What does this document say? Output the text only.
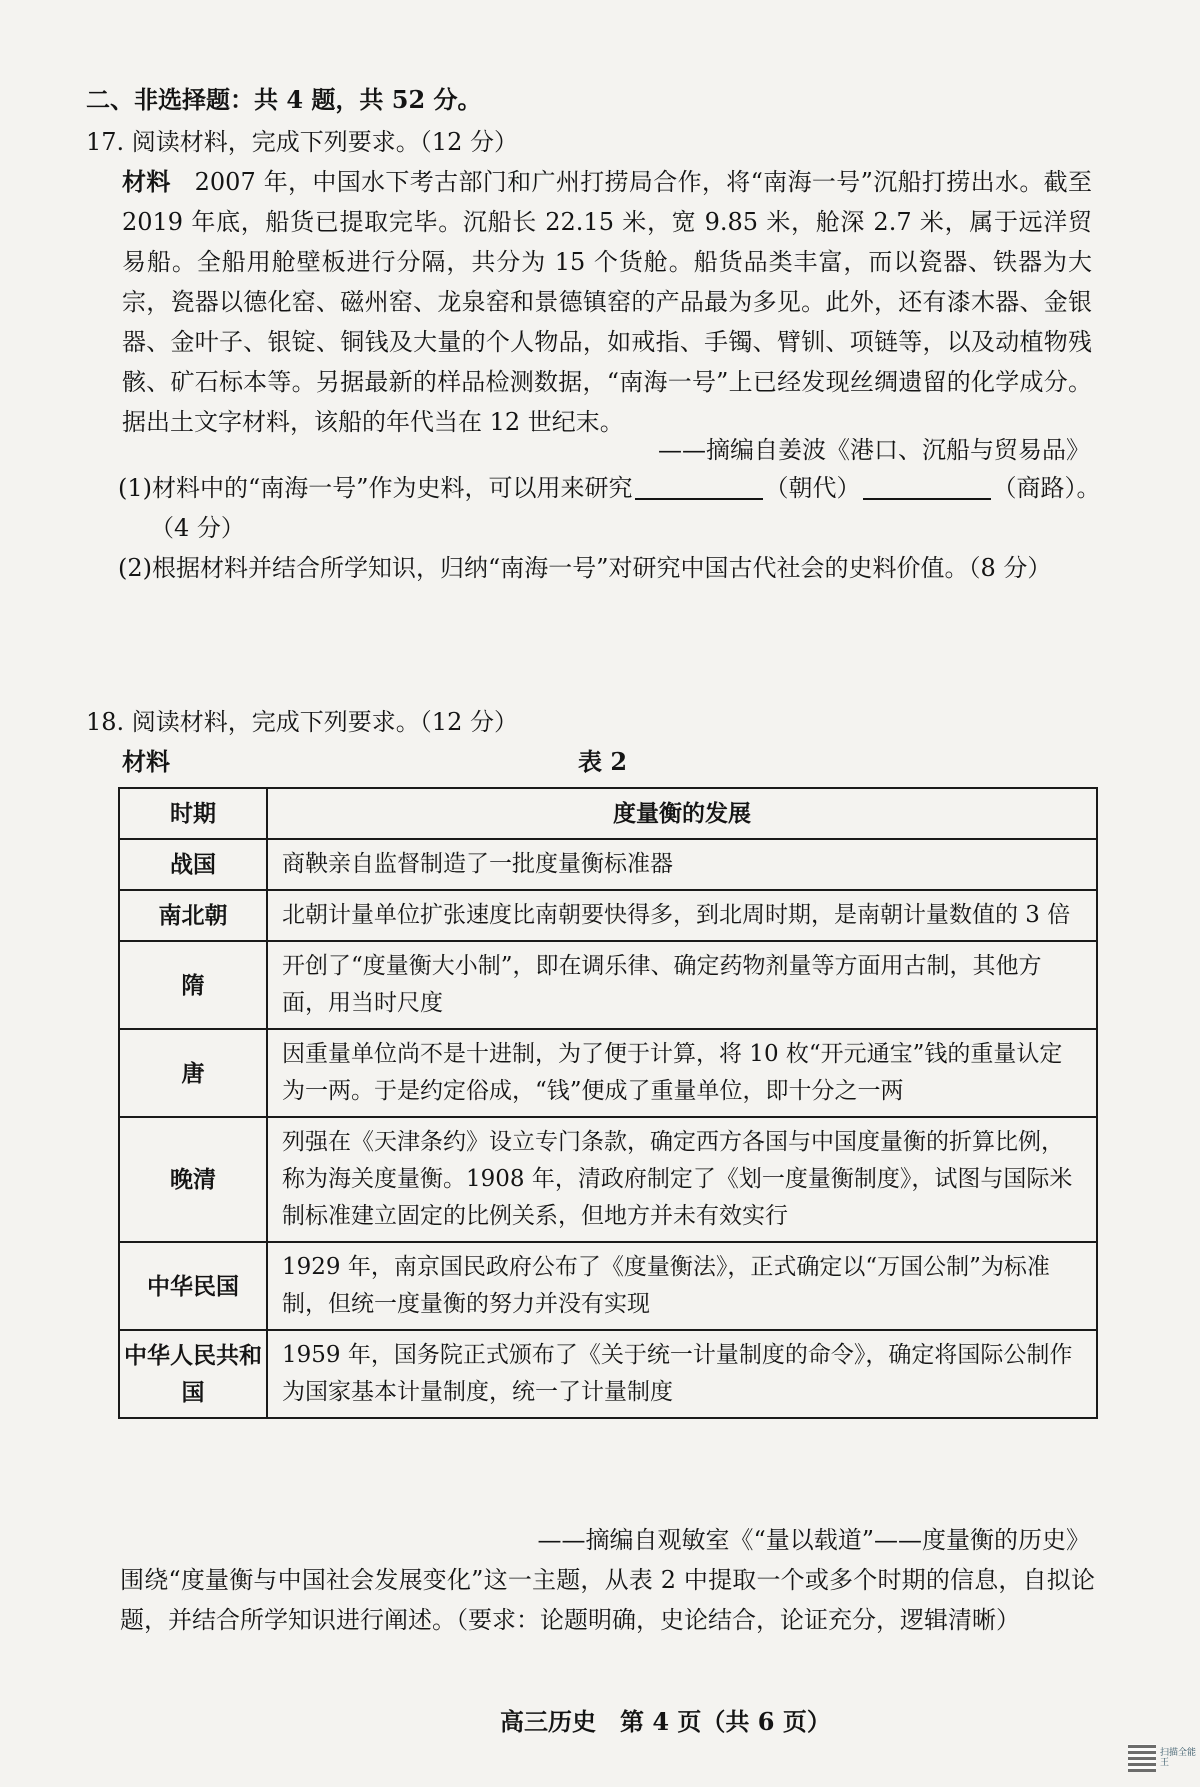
二、非选择题：共 4 题，共 52 分。
17. 阅读材料，完成下列要求。（12 分）
材料 2007 年，中国水下考古部门和广州打捞局合作，将“南海一号”沉船打捞出水。截至 2019 年底，船货已提取完毕。沉船长 22.15 米，宽 9.85 米，舱深 2.7 米，属于远洋贸易船。全船用舱壁板进行分隔，共分为 15 个货舱。船货品类丰富，而以瓷器、铁器为大宗，瓷器以德化窑、磁州窑、龙泉窑和景德镇窑的产品最为多见。此外，还有漆木器、金银器、金叶子、银锭、铜钱及大量的个人物品，如戒指、手镯、臂钏、项链等，以及动植物残骸、矿石标本等。另据最新的样品检测数据，“南海一号”上已经发现丝绸遗留的化学成分。据出土文字材料，该船的年代当在 12 世纪末。
——摘编自姜波《港口、沉船与贸易品》
(1)材料中的“南海一号”作为史料，可以用来研究	（朝代）	（商路）。
（4 分）
(2)根据材料并结合所学知识，归纳“南海一号”对研究中国古代社会的史料价值。（8 分）
18. 阅读材料，完成下列要求。（12 分）
材料	表 2
时期	度量衡的发展
战国	商鞅亲自监督制造了一批度量衡标准器
南北朝	北朝计量单位扩张速度比南朝要快得多，到北周时期，是南朝计量数值的 3 倍
隋	开创了“度量衡大小制”，即在调乐律、确定药物剂量等方面用古制，其他方面，用当时尺度
唐	因重量单位尚不是十进制，为了便于计算，将 10 枚“开元通宝”钱的重量认定为一两。于是约定俗成，“钱”便成了重量单位，即十分之一两
晚清	列强在《天津条约》设立专门条款，确定西方各国与中国度量衡的折算比例，称为海关度量衡。1908 年，清政府制定了《划一度量衡制度》，试图与国际米制标准建立固定的比例关系，但地方并未有效实行
中华民国	1929 年，南京国民政府公布了《度量衡法》，正式确定以“万国公制”为标准制，但统一度量衡的努力并没有实现
中华人民共和国	1959 年，国务院正式颁布了《关于统一计量制度的命令》，确定将国际公制作为国家基本计量制度，统一了计量制度
——摘编自观敏室《“量以载道”——度量衡的历史》
围绕“度量衡与中国社会发展变化”这一主题，从表 2 中提取一个或多个时期的信息，自拟论题，并结合所学知识进行阐述。（要求：论题明确，史论结合，论证充分，逻辑清晰）
高三历史　第 4 页（共 6 页）
扫描全能王
